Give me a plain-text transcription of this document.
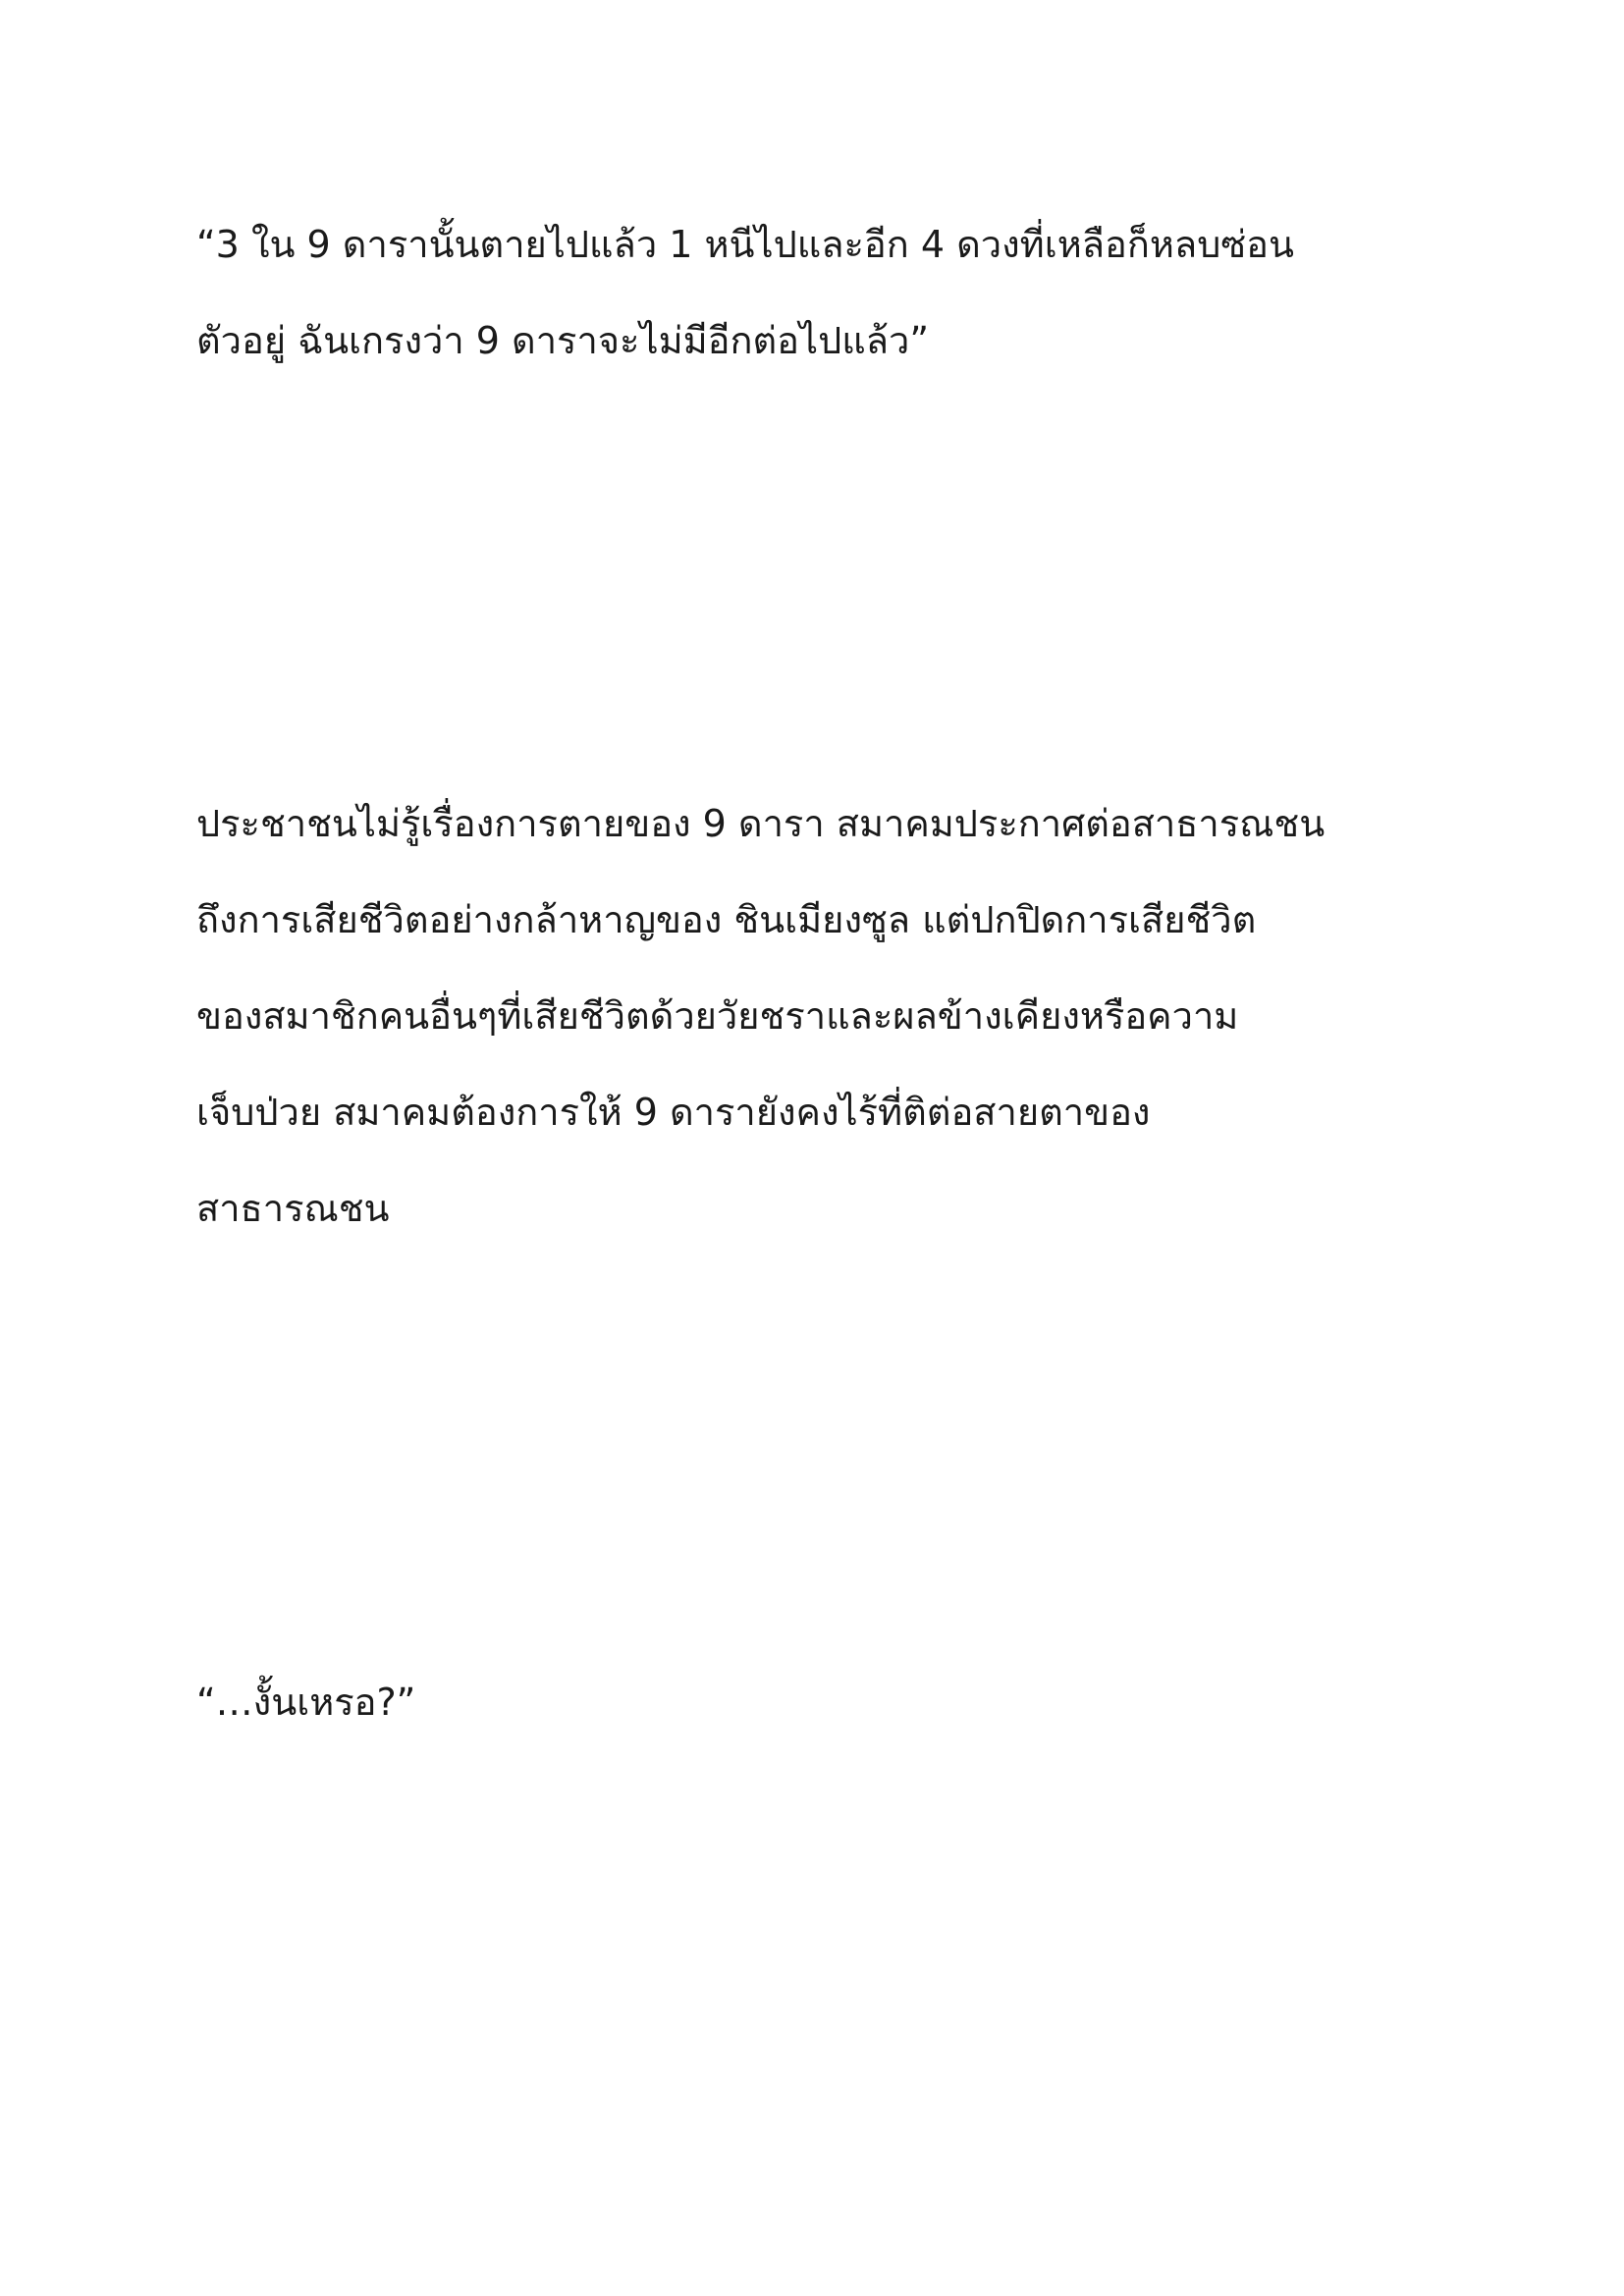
“3 ใน 9 ดารานั้นตายไปแล้ว 1 หนีไปและอีก 4 ดวงที่เหลือก็หลบซ่อน
ตัวอยู่ ฉันเกรงว่า 9 ดาราจะไม่มีอีกต่อไปแล้ว”

ประชาชนไม่รู้เรื่องการตายของ 9 ดารา สมาคมประกาศต่อสาธารณชน
ถึงการเสียชีวิตอย่างกล้าหาญของ ชินเมียงซูล แต่ปกปิดการเสียชีวิต
ของสมาชิกคนอื่นๆที่เสียชีวิตด้วยวัยชราและผลข้างเคียงหรือความ
เจ็บป่วย สมาคมต้องการให้ 9 ดารายังคงไร้ที่ติต่อสายตาของ
สาธารณชน

“…งั้นเหรอ?”
